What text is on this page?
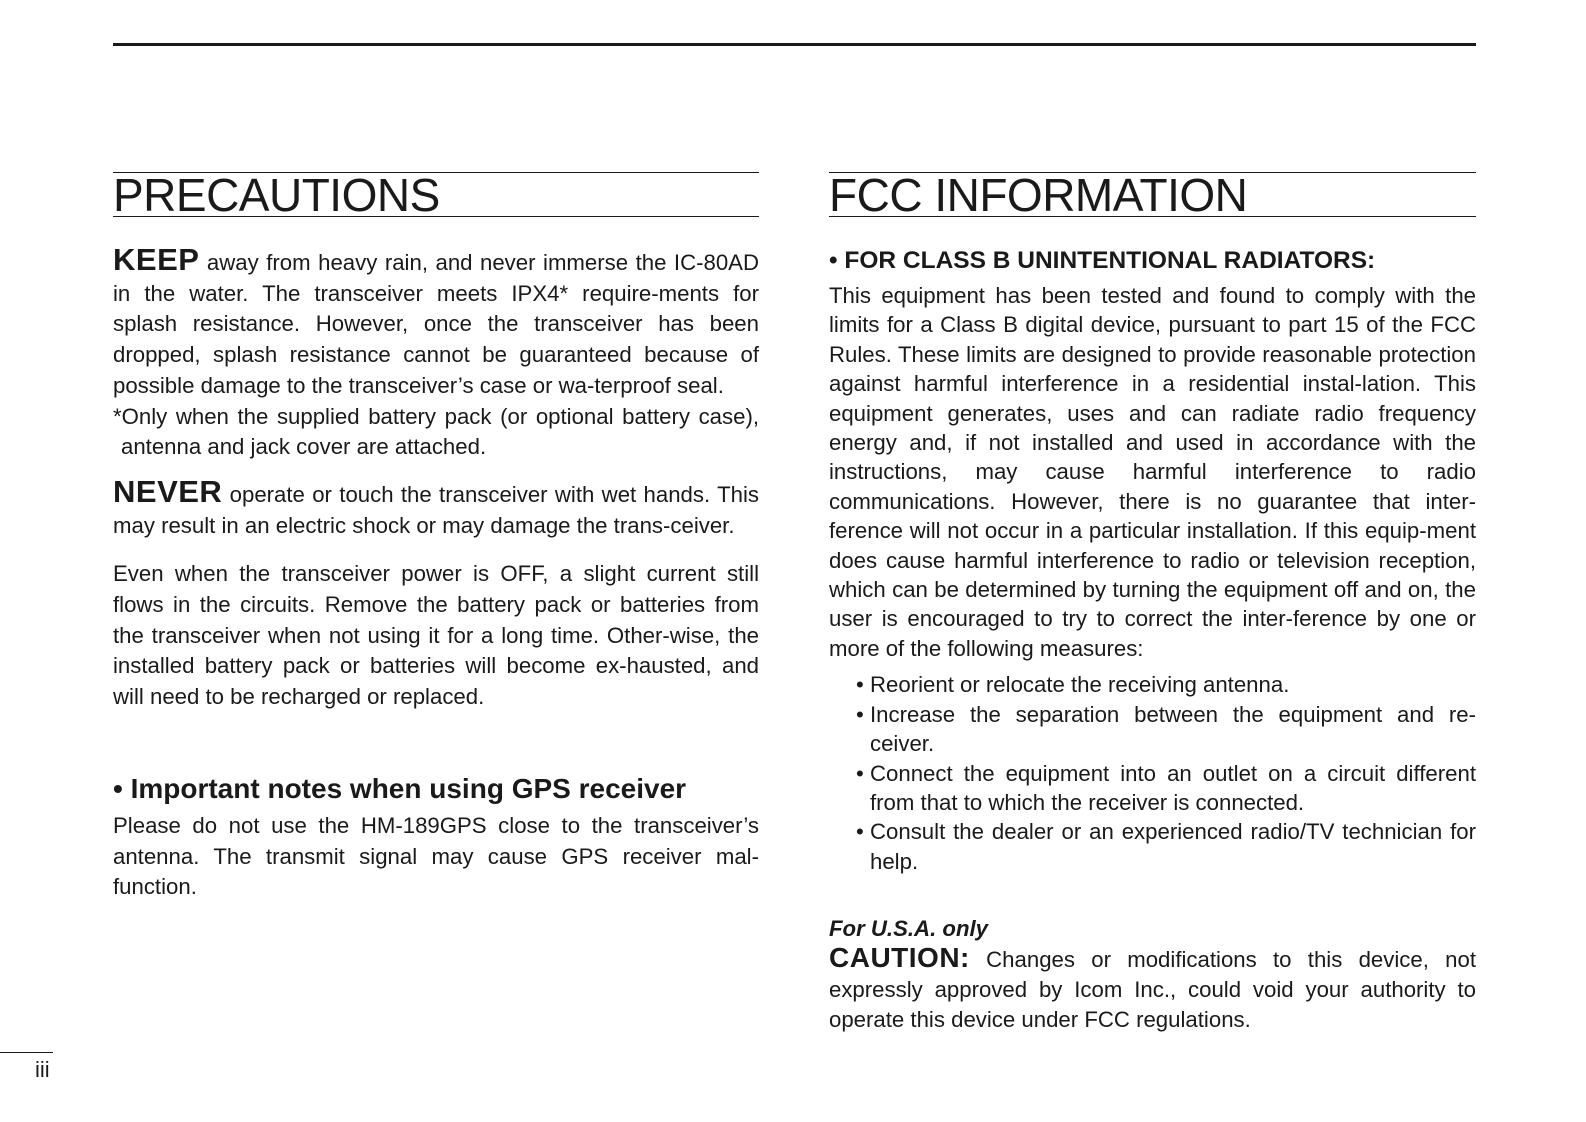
PRECAUTIONS

KEEP away from heavy rain, and never immerse the IC-80AD in the water. The transceiver meets IPX4* require-ments for splash resistance. However, once the transceiver has been dropped, splash resistance cannot be guaranteed because of possible damage to the transceiver’s case or wa-terproof seal.

*Only when the supplied battery pack (or optional battery case), antenna and jack cover are attached.

NEVER operate or touch the transceiver with wet hands. This may result in an electric shock or may damage the trans-ceiver.

Even when the transceiver power is OFF, a slight current still flows in the circuits. Remove the battery pack or batteries from the transceiver when not using it for a long time. Other-wise, the installed battery pack or batteries will become ex-hausted, and will need to be recharged or replaced.

• Important notes when using GPS receiver

Please do not use the HM-189GPS close to the transceiver’s antenna. The transmit signal may cause GPS receiver mal-function.

FCC INFORMATION
• FOR CLASS B UNINTENTIONAL RADIATORS:

This equipment has been tested and found to comply with the limits for a Class B digital device, pursuant to part 15 of the FCC Rules. These limits are designed to provide reasonable protection against harmful interference in a residential instal-lation. This equipment generates, uses and can radiate radio frequency energy and, if not installed and used in accordance with the instructions, may cause harmful interference to radio communications. However, there is no guarantee that inter-ference will not occur in a particular installation. If this equip-ment does cause harmful interference to radio or television reception, which can be determined by turning the equipment off and on, the user is encouraged to try to correct the inter-ference by one or more of the following measures:

• Reorient or relocate the receiving antenna.
• Increase the separation between the equipment and re-ceiver.
• Connect the equipment into an outlet on a circuit different from that to which the receiver is connected.
• Consult the dealer or an experienced radio/TV technician for help.

For U.S.A. only

CAUTION: Changes or modifications to this device, not expressly approved by Icom Inc., could void your authority to operate this device under FCC regulations.

iii
